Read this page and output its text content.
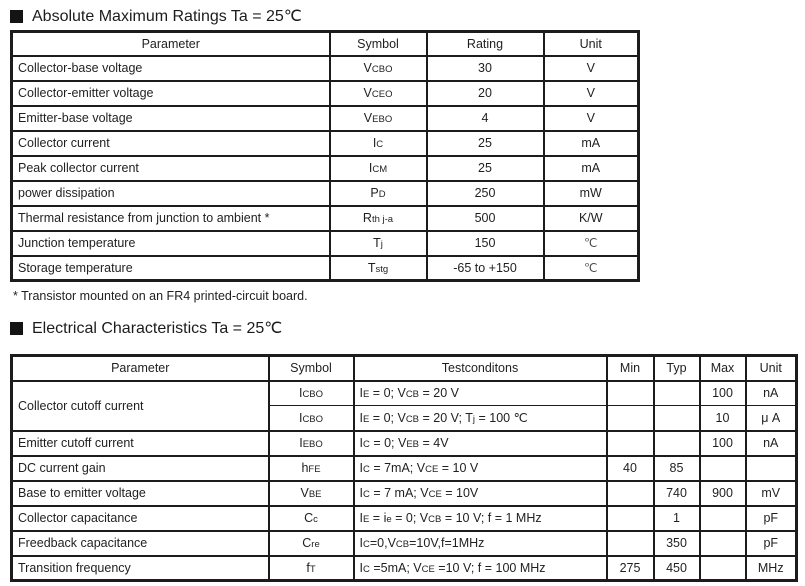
Absolute Maximum Ratings Ta = 25℃
Parameter	Symbol	Rating	Unit
Collector-base voltage	VCBO	30	V
Collector-emitter voltage	VCEO	20	V
Emitter-base voltage	VEBO	4	V
Collector current	IC	25	mA
Peak collector current	ICM	25	mA
power dissipation	PD	250	mW
Thermal resistance from junction to ambient *	Rth j-a	500	K/W
Junction temperature	Tj	150	℃
Storage temperature	Tstg	-65 to +150	℃
* Transistor mounted on an FR4 printed-circuit board.
Electrical Characteristics Ta = 25℃
Parameter	Symbol	Testconditons	Min	Typ	Max	Unit
Collector cutoff current	ICBO	IE = 0; VCB = 20 V			100	nA
	ICBO	IE = 0; VCB = 20 V; Tj = 100 ℃			10	μ A
Emitter cutoff current	IEBO	IC = 0; VEB = 4V			100	nA
DC current gain	hFE	IC = 7mA; VCE = 10 V	40	85		
Base to emitter voltage	VBE	IC = 7 mA; VCE = 10V		740	900	mV
Collector capacitance	Cc	IE = ie = 0; VCB = 10 V; f = 1 MHz		1		pF
Freedback capacitance	Cre	IC=0,VCB=10V,f=1MHz		350		pF
Transition frequency	fT	IC =5mA; VCE =10 V; f = 100 MHz	275	450		MHz
